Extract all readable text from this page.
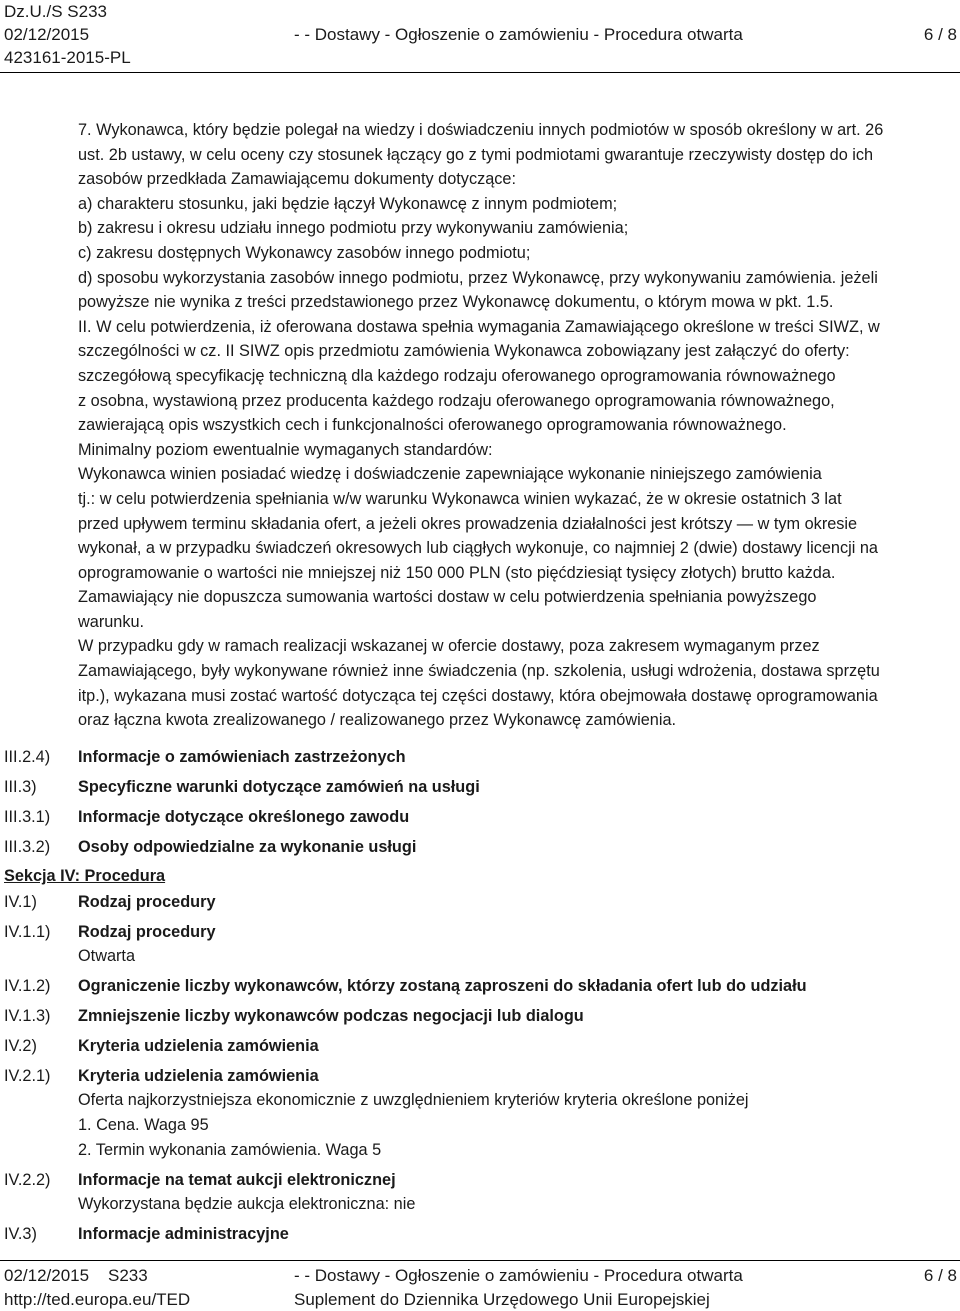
Dz.U./S S233
02/12/2015	- - Dostawy - Ogłoszenie o zamówieniu - Procedura otwarta	6 / 8
423161-2015-PL

7. Wykonawca, który będzie polegał na wiedzy i doświadczeniu innych podmiotów w sposób określony w art. 26

ust. 2b ustawy, w celu oceny czy stosunek łączący go z tymi podmiotami gwarantuje rzeczywisty dostęp do ich

zasobów przedkłada Zamawiającemu dokumenty dotyczące:

a) charakteru stosunku, jaki będzie łączył Wykonawcę z innym podmiotem;

b) zakresu i okresu udziału innego podmiotu przy wykonywaniu zamówienia;

c) zakresu dostępnych Wykonawcy zasobów innego podmiotu;

d) sposobu wykorzystania zasobów innego podmiotu, przez Wykonawcę, przy wykonywaniu zamówienia. jeżeli

powyższe nie wynika z treści przedstawionego przez Wykonawcę dokumentu, o którym mowa w pkt. 1.5.

II. W celu potwierdzenia, iż oferowana dostawa spełnia wymagania Zamawiającego określone w treści SIWZ, w

szczególności w cz. II SIWZ opis przedmiotu zamówienia Wykonawca zobowiązany jest załączyć do oferty:

szczegółową specyfikację techniczną dla każdego rodzaju oferowanego oprogramowania równoważnego

z osobna, wystawioną przez producenta każdego rodzaju oferowanego oprogramowania równoważnego,

zawierającą opis wszystkich cech i funkcjonalności oferowanego oprogramowania równoważnego.

Minimalny poziom ewentualnie wymaganych standardów:

Wykonawca winien posiadać wiedzę i doświadczenie zapewniające wykonanie niniejszego zamówienia

tj.: w celu potwierdzenia spełniania w/w warunku Wykonawca winien wykazać, że w okresie ostatnich 3 lat

przed upływem terminu składania ofert, a jeżeli okres prowadzenia działalności jest krótszy — w tym okresie

wykonał, a w przypadku świadczeń okresowych lub ciągłych wykonuje, co najmniej 2 (dwie) dostawy licencji na

oprogramowanie o wartości nie mniejszej niż 150 000 PLN (sto pięćdziesiąt tysięcy złotych) brutto każda.

Zamawiający nie dopuszcza sumowania wartości dostaw w celu potwierdzenia spełniania powyższego

warunku.

W przypadku gdy w ramach realizacji wskazanej w ofercie dostawy, poza zakresem wymaganym przez

Zamawiającego, były wykonywane również inne świadczenia (np. szkolenia, usługi wdrożenia, dostawa sprzętu

itp.), wykazana musi zostać wartość dotycząca tej części dostawy, która obejmowała dostawę oprogramowania

oraz łączna kwota zrealizowanego / realizowanego przez Wykonawcę zamówienia.

III.2.4) Informacje o zamówieniach zastrzeżonych
III.3)	Specyficzne warunki dotyczące zamówień na usługi
III.3.1) Informacje dotyczące określonego zawodu
III.3.2) Osoby odpowiedzialne za wykonanie usługi
Sekcja IV: Procedura
IV.1)	Rodzaj procedury
IV.1.1) Rodzaj procedury
Otwarta
IV.1.2) Ograniczenie liczby wykonawców, którzy zostaną zaproszeni do składania ofert lub do udziału
IV.1.3) Zmniejszenie liczby wykonawców podczas negocjacji lub dialogu
IV.2)	Kryteria udzielenia zamówienia
IV.2.1) Kryteria udzielenia zamówienia
Oferta najkorzystniejsza ekonomicznie z uwzględnieniem kryteriów kryteria określone poniżej
1. Cena. Waga 95
2. Termin wykonania zamówienia. Waga 5
IV.2.2) Informacje na temat aukcji elektronicznej
Wykorzystana będzie aukcja elektroniczna: nie
IV.3)	Informacje administracyjne
02/12/2015 S233	- - Dostawy - Ogłoszenie o zamówieniu - Procedura otwarta	6 / 8
http://ted.europa.eu/TED	Suplement do Dziennika Urzędowego Unii Europejskiej
